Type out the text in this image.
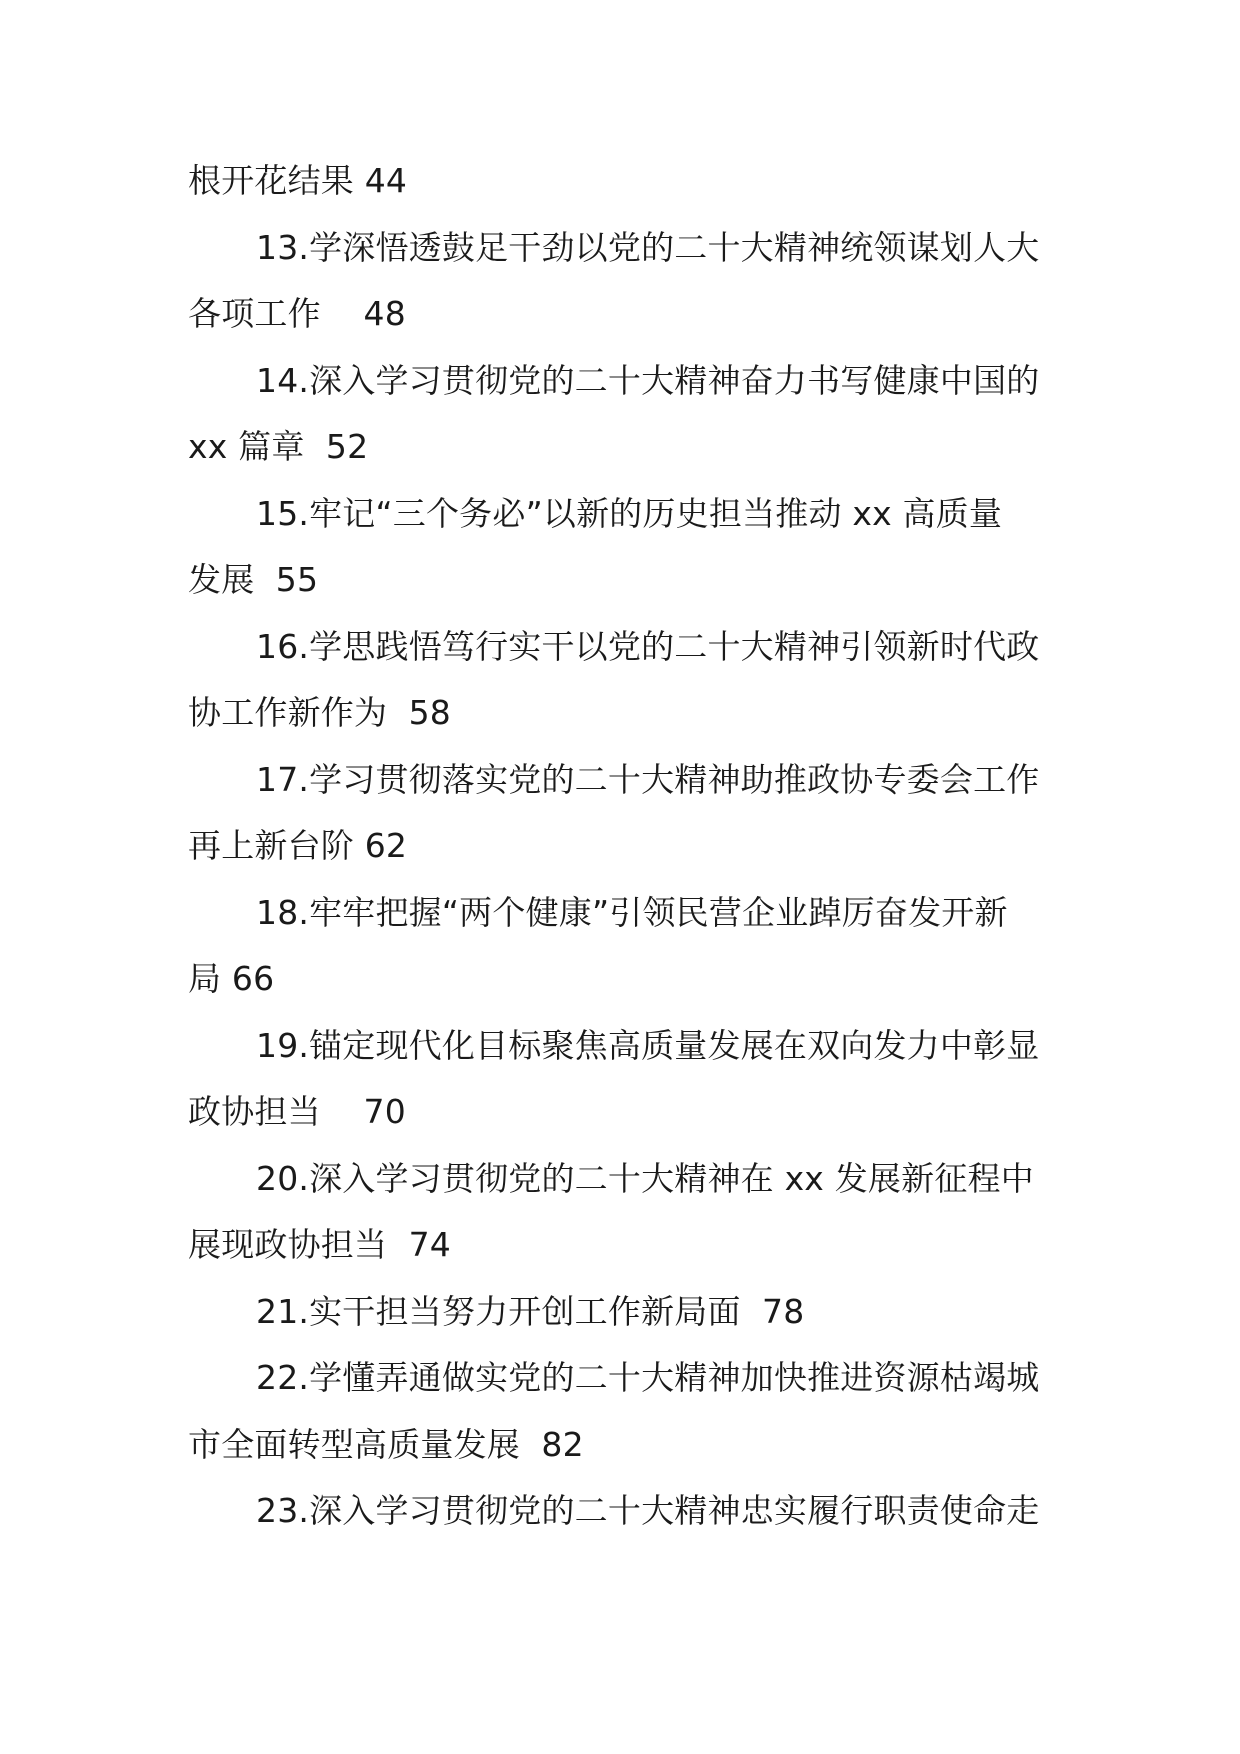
根开花结果 44
13.学深悟透鼓足干劲以党的二十大精神统领谋划人大
各项工作    48
14.深入学习贯彻党的二十大精神奋力书写健康中国的
xx 篇章  52
15.牢记“三个务必”以新的历史担当推动 xx 高质量
发展  55
16.学思践悟笃行实干以党的二十大精神引领新时代政
协工作新作为  58
17.学习贯彻落实党的二十大精神助推政协专委会工作
再上新台阶 62
18.牢牢把握“两个健康”引领民营企业踔厉奋发开新
局 66
19.锚定现代化目标聚焦高质量发展在双向发力中彰显
政协担当    70
20.深入学习贯彻党的二十大精神在 xx 发展新征程中
展现政协担当  74
21.实干担当努力开创工作新局面  78
22.学懂弄通做实党的二十大精神加快推进资源枯竭城
市全面转型高质量发展  82
23.深入学习贯彻党的二十大精神忠实履行职责使命走
